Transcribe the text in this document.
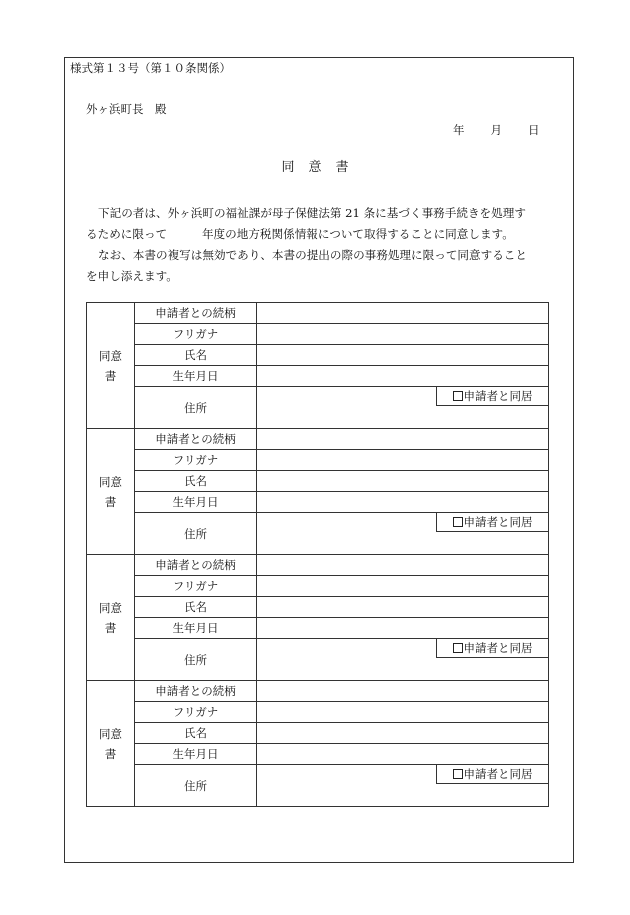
様式第１３号（第１０条関係）
外ヶ浜町長　殿
年 月 日
同意書
下記の者は、外ヶ浜町の福祉課が母子保健法第 21 条に基づく事務手続きを処理す
るために限って　　　年度の地方税関係情報について取得することに同意します。
なお、本書の複写は無効であり、本書の提出の際の事務処理に限って同意すること
を申し添えます。
同意
書	申請者との続柄	
	フリガナ	
	氏名	
	生年月日	
	住所	申請者と同居

同意
書	申請者との続柄	
	フリガナ	
	氏名	
	生年月日	
	住所	申請者と同居

同意
書	申請者との続柄	
	フリガナ	
	氏名	
	生年月日	
	住所	申請者と同居

同意
書	申請者との続柄	
	フリガナ	
	氏名	
	生年月日	
	住所	申請者と同居
